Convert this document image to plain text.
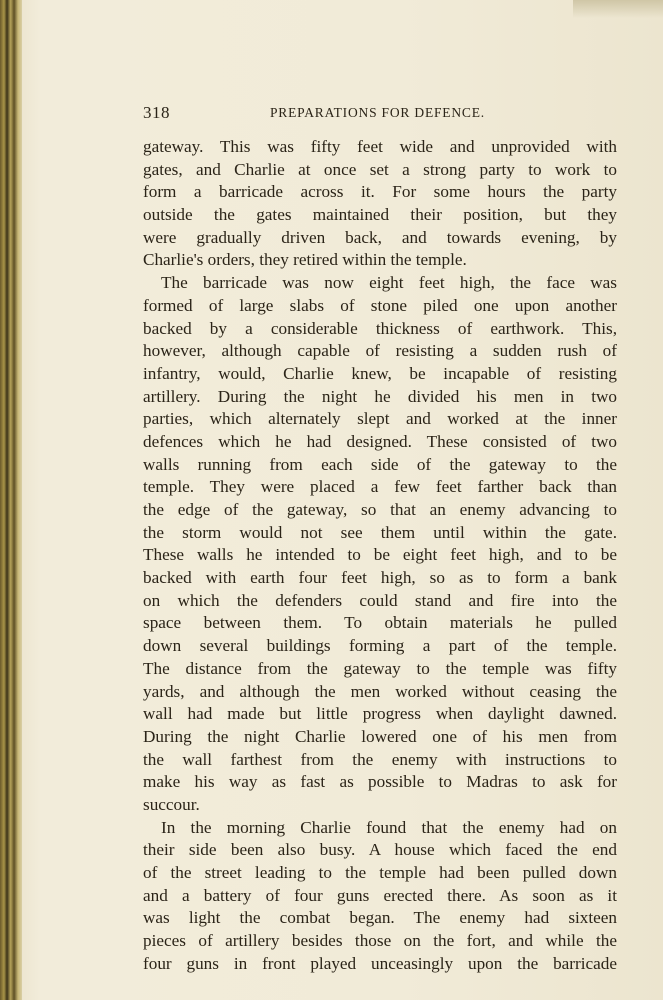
318	PREPARATIONS FOR DEFENCE.
gateway. This was fifty feet wide and unprovided with
gates, and Charlie at once set a strong party to work to
form a barricade across it. For some hours the party
outside the gates maintained their position, but they
were gradually driven back, and towards evening, by
Charlie's orders, they retired within the temple.
The barricade was now eight feet high, the face was
formed of large slabs of stone piled one upon another
backed by a considerable thickness of earthwork. This,
however, although capable of resisting a sudden rush of
infantry, would, Charlie knew, be incapable of resisting
artillery. During the night he divided his men in two
parties, which alternately slept and worked at the inner
defences which he had designed. These consisted of two
walls running from each side of the gateway to the
temple. They were placed a few feet farther back than
the edge of the gateway, so that an enemy advancing to
the storm would not see them until within the gate.
These walls he intended to be eight feet high, and to be
backed with earth four feet high, so as to form a bank
on which the defenders could stand and fire into the
space between them. To obtain materials he pulled
down several buildings forming a part of the temple.
The distance from the gateway to the temple was fifty
yards, and although the men worked without ceasing the
wall had made but little progress when daylight dawned.
During the night Charlie lowered one of his men from
the wall farthest from the enemy with instructions to
make his way as fast as possible to Madras to ask for
succour.
In the morning Charlie found that the enemy had on
their side been also busy. A house which faced the end
of the street leading to the temple had been pulled down
and a battery of four guns erected there. As soon as it
was light the combat began. The enemy had sixteen
pieces of artillery besides those on the fort, and while the
four guns in front played unceasingly upon the barricade
